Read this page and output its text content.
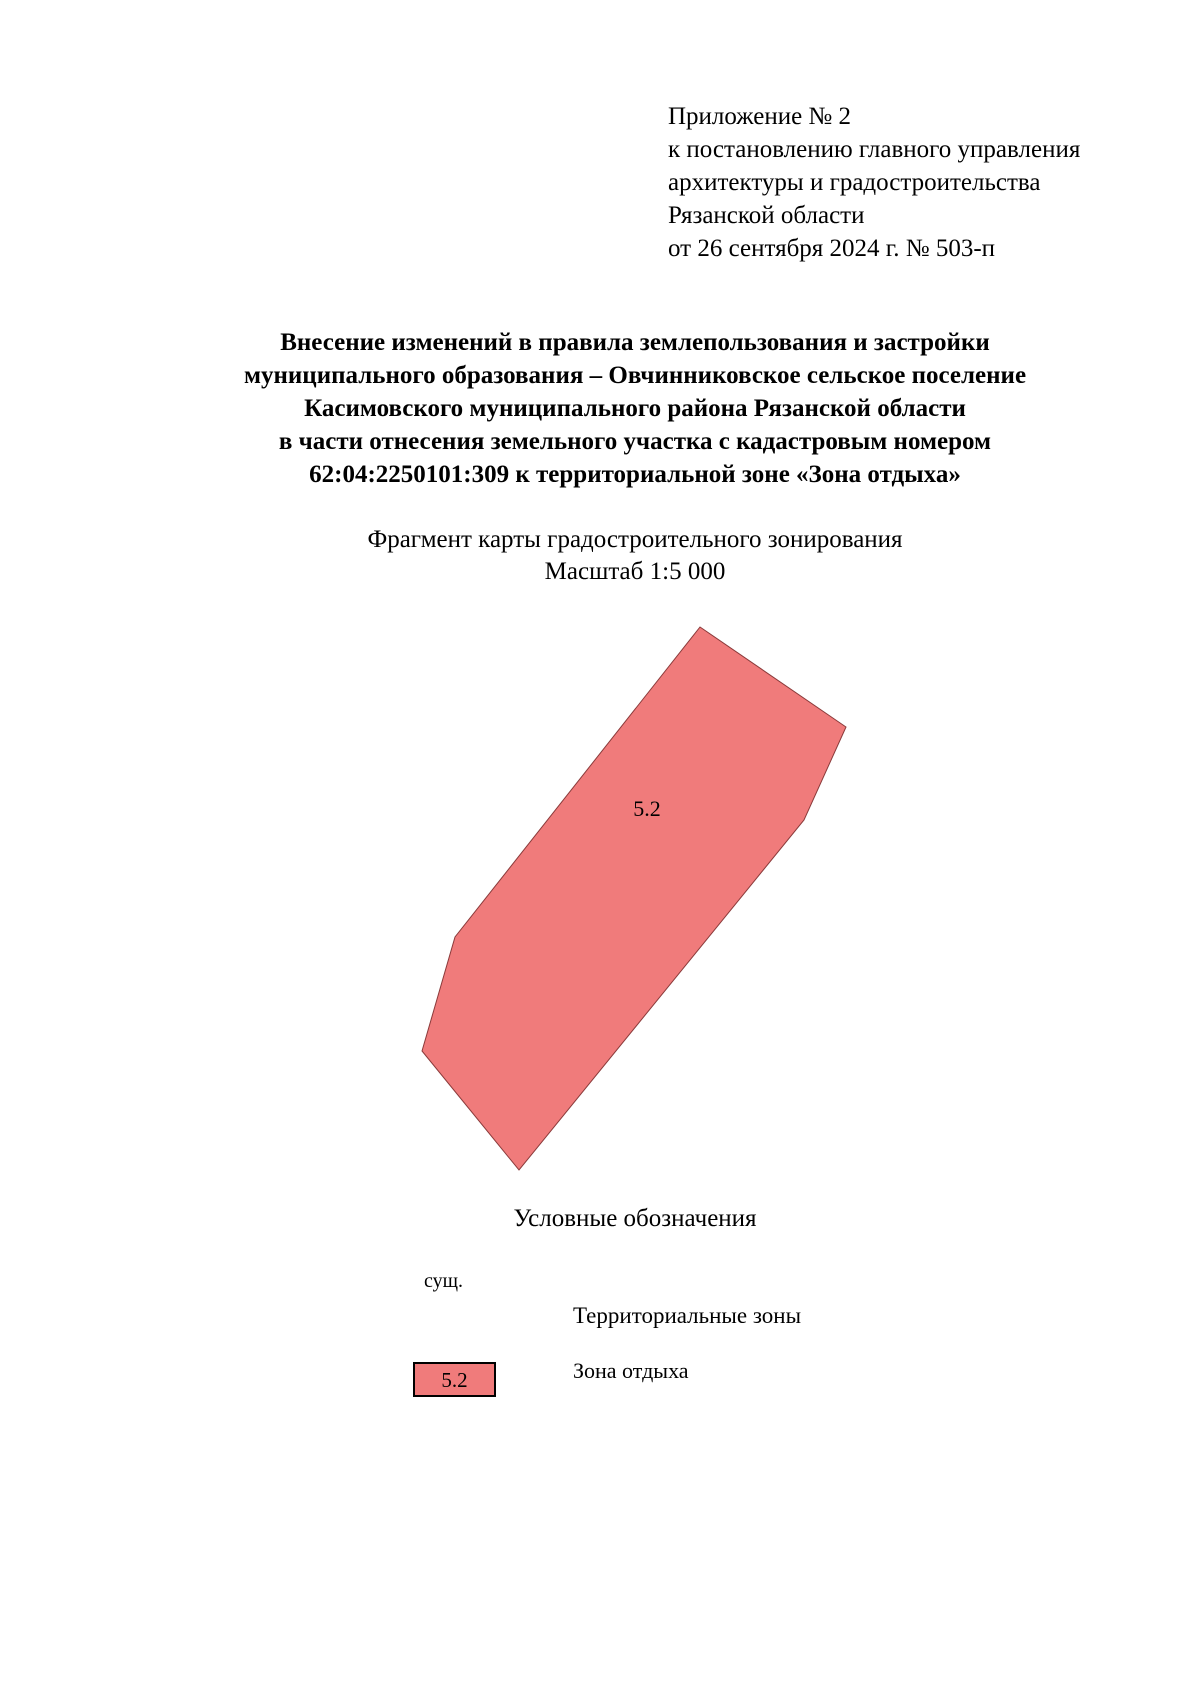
Приложение № 2
к постановлению главного управления
архитектуры и градостроительства
Рязанской области
от 26 сентября 2024 г. № 503-п
Внесение изменений в правила землепользования и застройки
муниципального образования – Овчинниковское сельское поселение
Касимовского муниципального района Рязанской области
в части отнесения земельного участка с кадастровым номером
62:04:2250101:309 к территориальной зоне «Зона отдыха»
Фрагмент карты градостроительного зонирования
Масштаб 1:5 000
5.2
Условные обозначения
сущ.
Территориальные зоны
5.2	Зона отдыха
